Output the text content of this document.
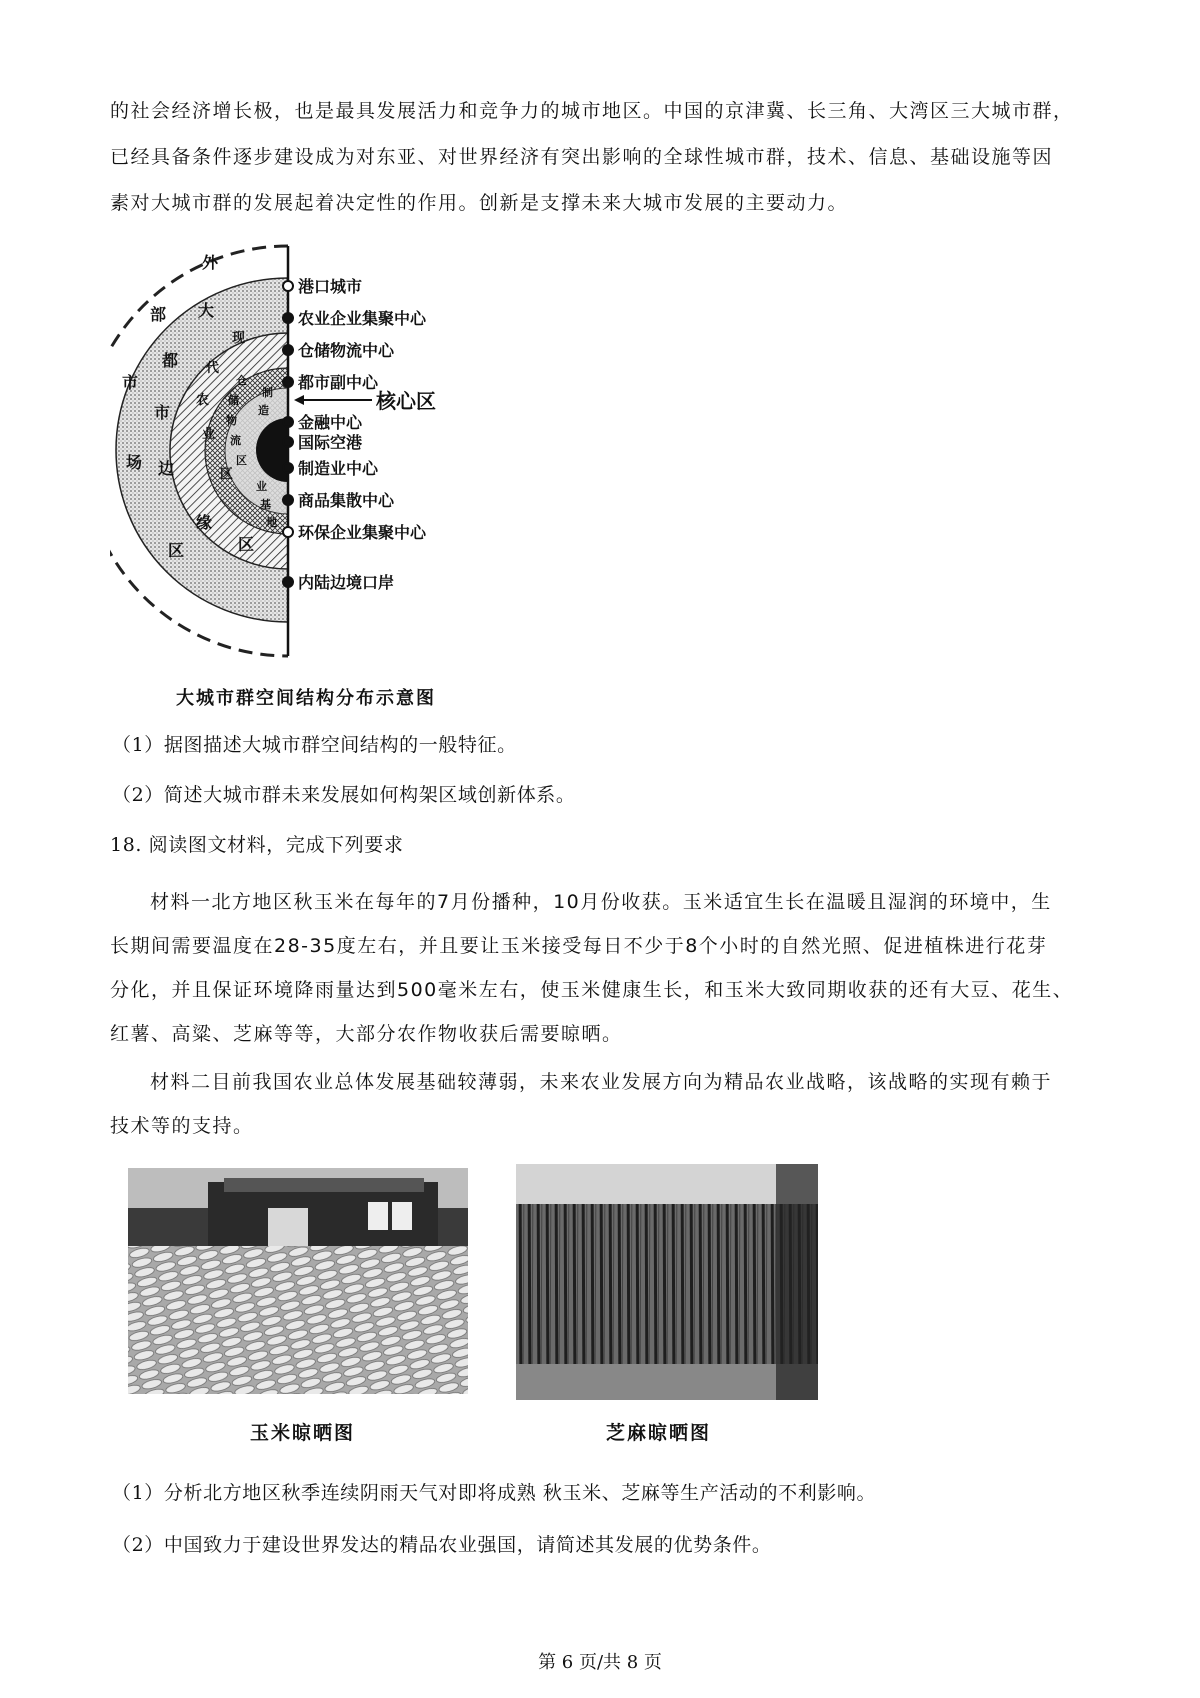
的社会经济增长极，也是最具发展活力和竞争力的城市地区。中国的京津冀、长三角、大湾区三大城市群，
已经具备条件逐步建设成为对东亚、对世界经济有突出影响的全球性城市群，技术、信息、基础设施等因
素对大城市群的发展起着决定性的作用。创新是支撑未来大城市发展的主要动力。

外
部
市
场
区
大
都
市
边
缘
区
现
代
农
业
区
仓
储
物
流
区
制
造
业
基
地
港口城市
农业企业集聚中心
仓储物流中心
都市副中心
金融中心
国际空港
制造业中心
商品集散中心
环保企业集聚中心
内陆边境口岸
核心区
大城市群空间结构分布示意图
（1）据图描述大城市群空间结构的一般特征。
（2）简述大城市群未来发展如何构架区域创新体系。
18. 阅读图文材料，完成下列要求

材料一北方地区秋玉米在每年的7月份播种，10月份收获。玉米适宜生长在温暖且湿润的环境中，生
长期间需要温度在28-35度左右，并且要让玉米接受每日不少于8个小时的自然光照、促进植株进行花芽
分化，并且保证环境降雨量达到500毫米左右，使玉米健康生长，和玉米大致同期收获的还有大豆、花生、
红薯、高粱、芝麻等等，大部分农作物收获后需要晾晒。

材料二目前我国农业总体发展基础较薄弱，未来农业发展方向为精品农业战略，该战略的实现有赖于
技术等的支持。

玉米晾晒图	芝麻晾晒图
（1）分析北方地区秋季连续阴雨天气对即将成熟 秋玉米、芝麻等生产活动的不利影响。
（2）中国致力于建设世界发达的精品农业强国，请简述其发展的优势条件。
第 6 页/共 8 页
